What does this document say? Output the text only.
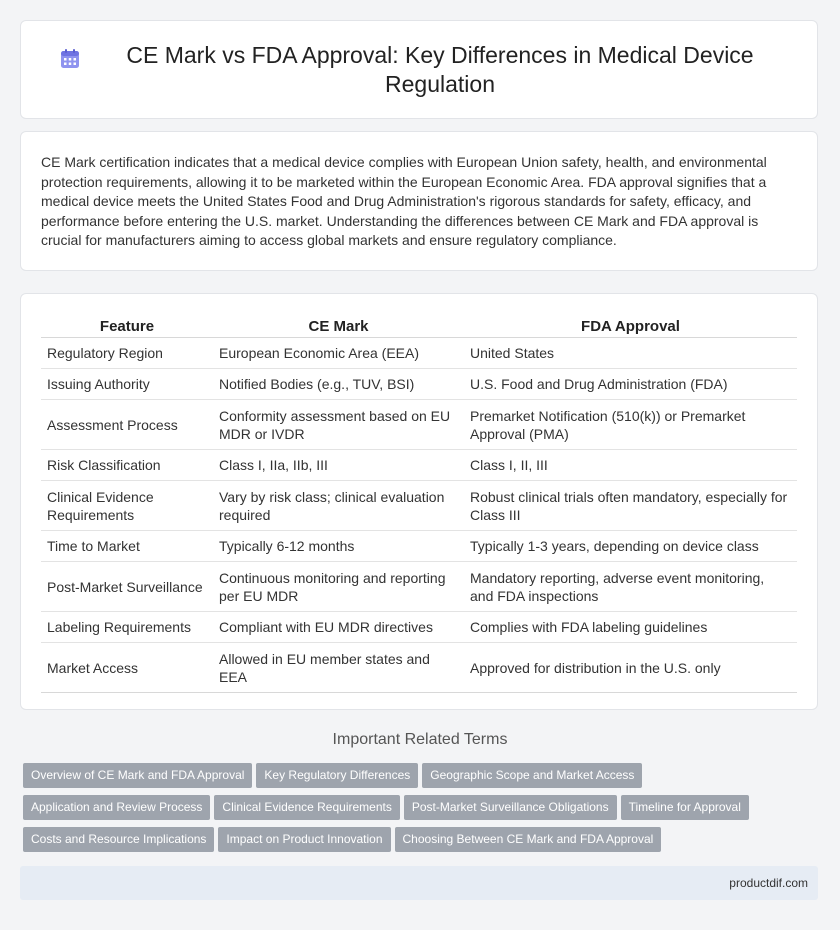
CE Mark vs FDA Approval: Key Differences in Medical Device Regulation

CE Mark certification indicates that a medical device complies with European Union safety, health, and environmental protection requirements, allowing it to be marketed within the European Economic Area. FDA approval signifies that a medical device meets the United States Food and Drug Administration's rigorous standards for safety, efficacy, and performance before entering the U.S. market. Understanding the differences between CE Mark and FDA approval is crucial for manufacturers aiming to access global markets and ensure regulatory compliance.

Feature	CE Mark	FDA Approval
Regulatory Region	European Economic Area (EEA)	United States
Issuing Authority	Notified Bodies (e.g., TUV, BSI)	U.S. Food and Drug Administration (FDA)
Assessment Process	Conformity assessment based on EU MDR or IVDR	Premarket Notification (510(k)) or Premarket Approval (PMA)
Risk Classification	Class I, IIa, IIb, III	Class I, II, III
Clinical Evidence Requirements	Vary by risk class; clinical evaluation required	Robust clinical trials often mandatory, especially for Class III
Time to Market	Typically 6-12 months	Typically 1-3 years, depending on device class
Post-Market Surveillance	Continuous monitoring and reporting per EU MDR	Mandatory reporting, adverse event monitoring, and FDA inspections
Labeling Requirements	Compliant with EU MDR directives	Complies with FDA labeling guidelines
Market Access	Allowed in EU member states and EEA	Approved for distribution in the U.S. only
Important Related Terms
Overview of CE Mark and FDA Approval Key Regulatory Differences Geographic Scope and Market Access
Application and Review Process Clinical Evidence Requirements Post-Market Surveillance Obligations Timeline for Approval
Costs and Resource Implications Impact on Product Innovation Choosing Between CE Mark and FDA Approval
productdif.com
